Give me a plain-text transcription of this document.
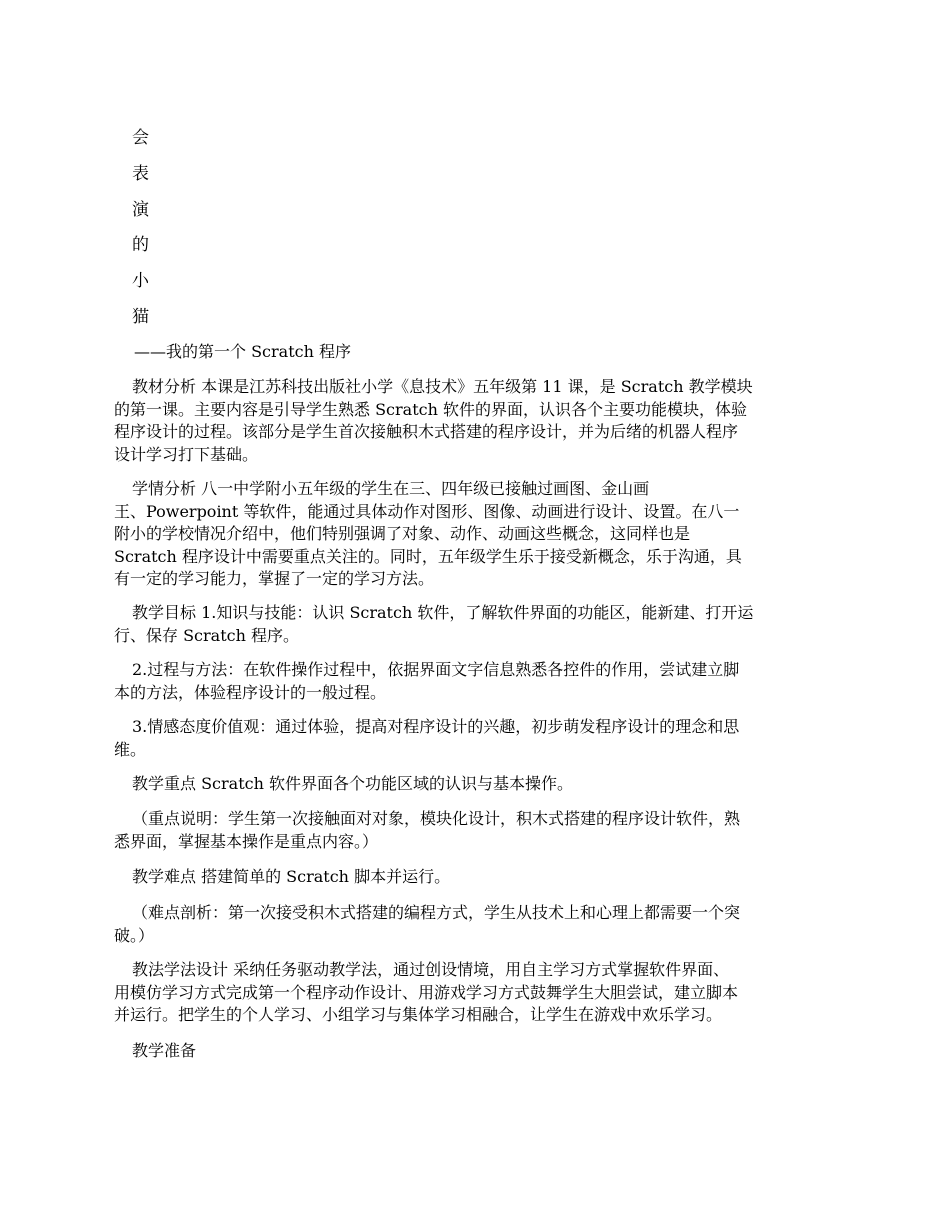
会
表
演
的
小
猫
——我的第一个 Scratch 程序
教材分析 本课是江苏科技出版社小学《息技术》五年级第 11 课，是 Scratch 教学模块
的第一课。主要内容是引导学生熟悉 Scratch 软件的界面，认识各个主要功能模块，体验
程序设计的过程。该部分是学生首次接触积木式搭建的程序设计，并为后绪的机器人程序
设计学习打下基础。
学情分析 八一中学附小五年级的学生在三、四年级已接触过画图、金山画
王、Powerpoint 等软件，能通过具体动作对图形、图像、动画进行设计、设置。在八一
附小的学校情况介绍中，他们特别强调了对象、动作、动画这些概念，这同样也是
Scratch 程序设计中需要重点关注的。同时，五年级学生乐于接受新概念，乐于沟通，具
有一定的学习能力，掌握了一定的学习方法。
教学目标 1.知识与技能：认识 Scratch 软件，了解软件界面的功能区，能新建、打开运
行、保存 Scratch 程序。
2.过程与方法：在软件操作过程中，依据界面文字信息熟悉各控件的作用，尝试建立脚
本的方法，体验程序设计的一般过程。
3.情感态度价值观：通过体验，提高对程序设计的兴趣，初步萌发程序设计的理念和思
维。
教学重点 Scratch 软件界面各个功能区域的认识与基本操作。
（重点说明：学生第一次接触面对对象，模块化设计，积木式搭建的程序设计软件，熟
悉界面，掌握基本操作是重点内容。）
教学难点 搭建简单的 Scratch 脚本并运行。
（难点剖析：第一次接受积木式搭建的编程方式，学生从技术上和心理上都需要一个突
破。）
教法学法设计 采纳任务驱动教学法，通过创设情境，用自主学习方式掌握软件界面、
用模仿学习方式完成第一个程序动作设计、用游戏学习方式鼓舞学生大胆尝试，建立脚本
并运行。把学生的个人学习、小组学习与集体学习相融合，让学生在游戏中欢乐学习。
教学准备
